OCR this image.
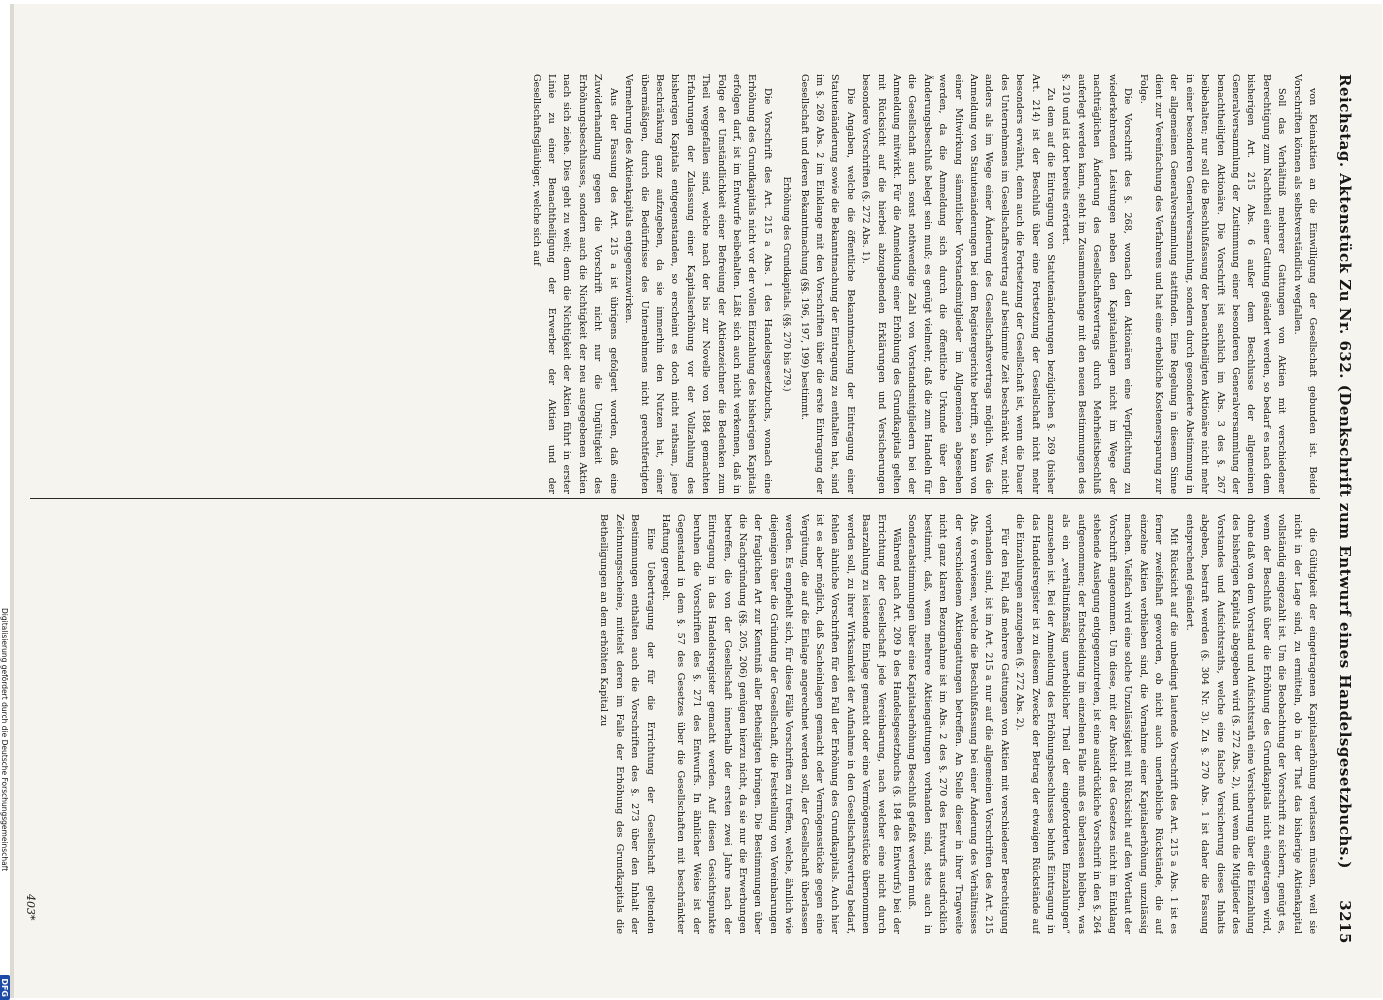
Reichstag. Aktenstück Zu Nr. 632. (Denkschrift zum Entwurf eines Handelsgesetzbuchs.)
3215

von Kleinaktien an die Einwilligung der Gesellschaft gebunden ist. Beide Vorschriften können als selbstverständlich wegfallen.

Soll das Verhältniß mehrerer Gattungen von Aktien mit verschiedener Berechtigung zum Nachtheil einer Gattung geändert werden, so bedarf es nach dem bisherigen Art. 215 Abs. 6 außer dem Beschlusse der allgemeinen Generalversammlung der Zustimmung einer besonderen Generalversammlung der benachtheiligten Aktionäre. Die Vorschrift ist sachlich im Abs. 3 des §. 267 beibehalten; nur soll die Beschlußfassung der benachtheiligten Aktionäre nicht mehr in einer besonderen Generalversammlung, sondern durch gesonderte Abstimmung in der allgemeinen Generalversammlung stattfinden. Eine Regelung in diesem Sinne dient zur Vereinfachung des Verfahrens und hat eine erhebliche Kostenersparung zur Folge.

Die Vorschrift des §. 268, wonach den Aktionären eine Verpflichtung zu wiederkehrenden Leistungen neben den Kapitaleinlagen nicht im Wege der nachträglichen Änderung des Gesellschaftsvertrags durch Mehrheitsbeschluß auferlegt werden kann, steht im Zusammenhange mit den neuen Bestimmungen des §. 210 und ist dort bereits erörtert.

Zu dem auf die Eintragung von Statutenänderungen bezüglichen §. 269 (bisher Art. 214) ist der Beschluß über eine Fortsetzung der Gesellschaft nicht mehr besonders erwähnt, denn auch die Fortsetzung der Gesellschaft ist, wenn die Dauer des Unternehmens im Gesellschaftsvertrag auf bestimmte Zeit beschränkt war, nicht anders als im Wege einer Änderung des Gesellschaftsvertrags möglich. Was die Anmeldung von Statutenänderungen bei dem Registergerichte betrifft, so kann von einer Mitwirkung sämmtlicher Vorstandsmitglieder im Allgemeinen abgesehen werden, da die Anmeldung sich durch die öffentliche Urkunde über den Änderungsbeschluß belegt sein muß; es genügt vielmehr, daß die zum Handeln für die Gesellschaft auch sonst nothwendige Zahl von Vorstandsmitgliedern bei der Anmeldung mitwirkt. Für die Anmeldung einer Erhöhung des Grundkapitals gelten mit Rücksicht auf die hierbei abzugebenden Erklärungen und Versicherungen besondere Vorschriften (§. 272 Abs. 1).

Die Angaben, welche die öffentliche Bekanntmachung der Eintragung einer Statutenänderung sowie die Bekanntmachung der Eintragung zu enthalten hat, sind im §. 269 Abs. 2 im Einklange mit den Vorschriften über die erste Eintragung der Gesellschaft und deren Bekanntmachung (§§. 196, 197, 199) bestimmt.

Erhöhung des Grundkapitals. (§§. 270 bis 279.)

Die Vorschrift des Art. 215 a Abs. 1 des Handelsgesetzbuchs, wonach eine Erhöhung des Grundkapitals nicht vor der vollen Einzahlung des bisherigen Kapitals erfolgen darf, ist im Entwurfe beibehalten. Läßt sich auch nicht verkennen, daß in Folge der Umständlichkeit einer Befreiung der Aktienzeichner die Bedenken zum Theil weggefallen sind, welche nach der bis zur Novelle von 1884 gemachten Erfahrungen der Zulassung einer Kapitalserhöhung vor der Vollzahlung des bisherigen Kapitals entgegenstanden, so erscheint es doch nicht rathsam, jene Beschränkung ganz aufzugeben, da sie immerhin den Nutzen hat, einer übermäßigen, durch die Bedürfnisse des Unternehmens nicht gerechtfertigten Vermehrung des Aktienkapitals entgegenzuwirken.

Aus der Fassung des Art. 215 a ist übrigens gefolgert worden, daß eine Zuwiderhandlung gegen die Vorschrift nicht nur die Ungültigkeit des Erhöhungsbeschlusses, sondern auch die Nichtigkeit der neu ausgegebenen Aktien nach sich ziehe. Dies geht zu weit; denn die Nichtigkeit der Aktien führt in erster Linie zu einer Benachtheiligung der Erwerber der Aktien und der Gesellschaftsgläubiger, welche sich auf

die Gültigkeit der eingetragenen Kapitalserhöhung verlassen müssen, weil sie nicht in der Lage sind, zu ermitteln, ob in der That das bisherige Aktienkapital vollständig eingezahlt ist. Um die Beobachtung der Vorschrift zu sichern, genügt es, wenn der Beschluß über die Erhöhung des Grundkapitals nicht eingetragen wird, ohne daß von dem Vorstand und Aufsichtsrath eine Versicherung über die Einzahlung des bisherigen Kapitals abgegeben wird (§. 272 Abs. 2), und wenn die Mitglieder des Vorstandes und Aufsichtsraths, welche eine falsche Versicherung dieses Inhalts abgeben, bestraft werden (§. 304 Nr. 3). Zu §. 270 Abs. 1 ist daher die Fassung entsprechend geändert.

Mit Rücksicht auf die unbedingt lautende Vorschrift des Art. 215 a Abs. 1 ist es ferner zweifelhaft geworden, ob nicht auch unerhebliche Rückstände, die auf einzelne Aktien verblieben sind, die Vornahme einer Kapitalserhöhung unzulässig machen. Vielfach wird eine solche Unzulässigkeit mit Rücksicht auf den Wortlaut der Vorschrift angenommen. Um diese, mit der Absicht des Gesetzes nicht im Einklang stehende Auslegung entgegenzutreten, ist eine ausdrückliche Vorschrift in den §. 264 aufgenommen; der Entscheidung im einzelnen Falle muß es überlassen bleiben, was als ein „verhältnißmäßig unerheblicher Theil der eingeforderten Einzahlungen“ anzusehen ist. Bei der Anmeldung des Erhöhungsbeschlusses behufs Eintragung in das Handelsregister ist zu diesem Zwecke der Betrag der etwaigen Rückstände auf die Einzahlungen anzugeben (§. 272 Abs. 2).

Für den Fall, daß mehrere Gattungen von Aktien mit verschiedener Berechtigung vorhanden sind, ist im Art. 215 a nur auf die allgemeinen Vorschriften des Art. 215 Abs. 6 verwiesen, welche die Beschlußfassung bei einer Änderung des Verhältnisses der verschiedenen Aktiengattungen betreffen. An Stelle dieser in ihrer Tragweite nicht ganz klaren Bezugnahme ist im Abs. 2 des §. 270 des Entwurfs ausdrücklich bestimmt, daß, wenn mehrere Aktiengattungen vorhanden sind, stets auch in Sonderabstimmungen über eine Kapitalserhöhung Beschluß gefaßt werden muß.

Während nach Art. 209 b des Handelsgesetzbuchs (§. 184 des Entwurfs) bei der Errichtung der Gesellschaft jede Vereinbarung, nach welcher eine nicht durch Baarzahlung zu leistende Einlage gemacht oder eine Vermögensstücke übernommen werden soll, zu ihrer Wirksamkeit der Aufnahme in den Gesellschaftsvertrag bedarf, fehlen ähnliche Vorschriften für den Fall der Erhöhung des Grundkapitals. Auch hier ist es aber möglich, daß Sacheinlagen gemacht oder Vermögensstücke gegen eine Vergütung, die auf die Einlage angerechnet werden soll, der Gesellschaft überlassen werden. Es empfiehlt sich, für diese Fälle Vorschriften zu treffen, welche, ähnlich wie diejenigen über die Gründung der Gesellschaft, die Feststellung von Vereinbarungen der fraglichen Art zur Kenntniß aller Betheiligten bringen. Die Bestimmungen über die Nachgründung (§§. 205, 206) genügen hierzu nicht, da sie nur die Erwerbungen betreffen, die von der Gesellschaft innerhalb der ersten zwei Jahre nach der Eintragung in das Handelsregister gemacht werden. Auf diesen Gesichtspunkte beruhen die Vorschriften des §. 271 des Entwurfs. In ähnlicher Weise ist der Gegenstand in dem §. 57 des Gesetzes über die Gesellschaften mit beschränkter Haftung geregelt.

Eine Uebertragung der für die Errichtung der Gesellschaft geltenden Bestimmungen enthalten auch die Vorschriften des §. 273 über den Inhalt der Zeichnungsscheine, mittelst deren im Falle der Erhöhung des Grundkapitals die Betheiligungen an dem erhöhten Kapital zu

403*
Digitalisierung gefördert durch die Deutsche Forschungsgemeinschaft
DFG
